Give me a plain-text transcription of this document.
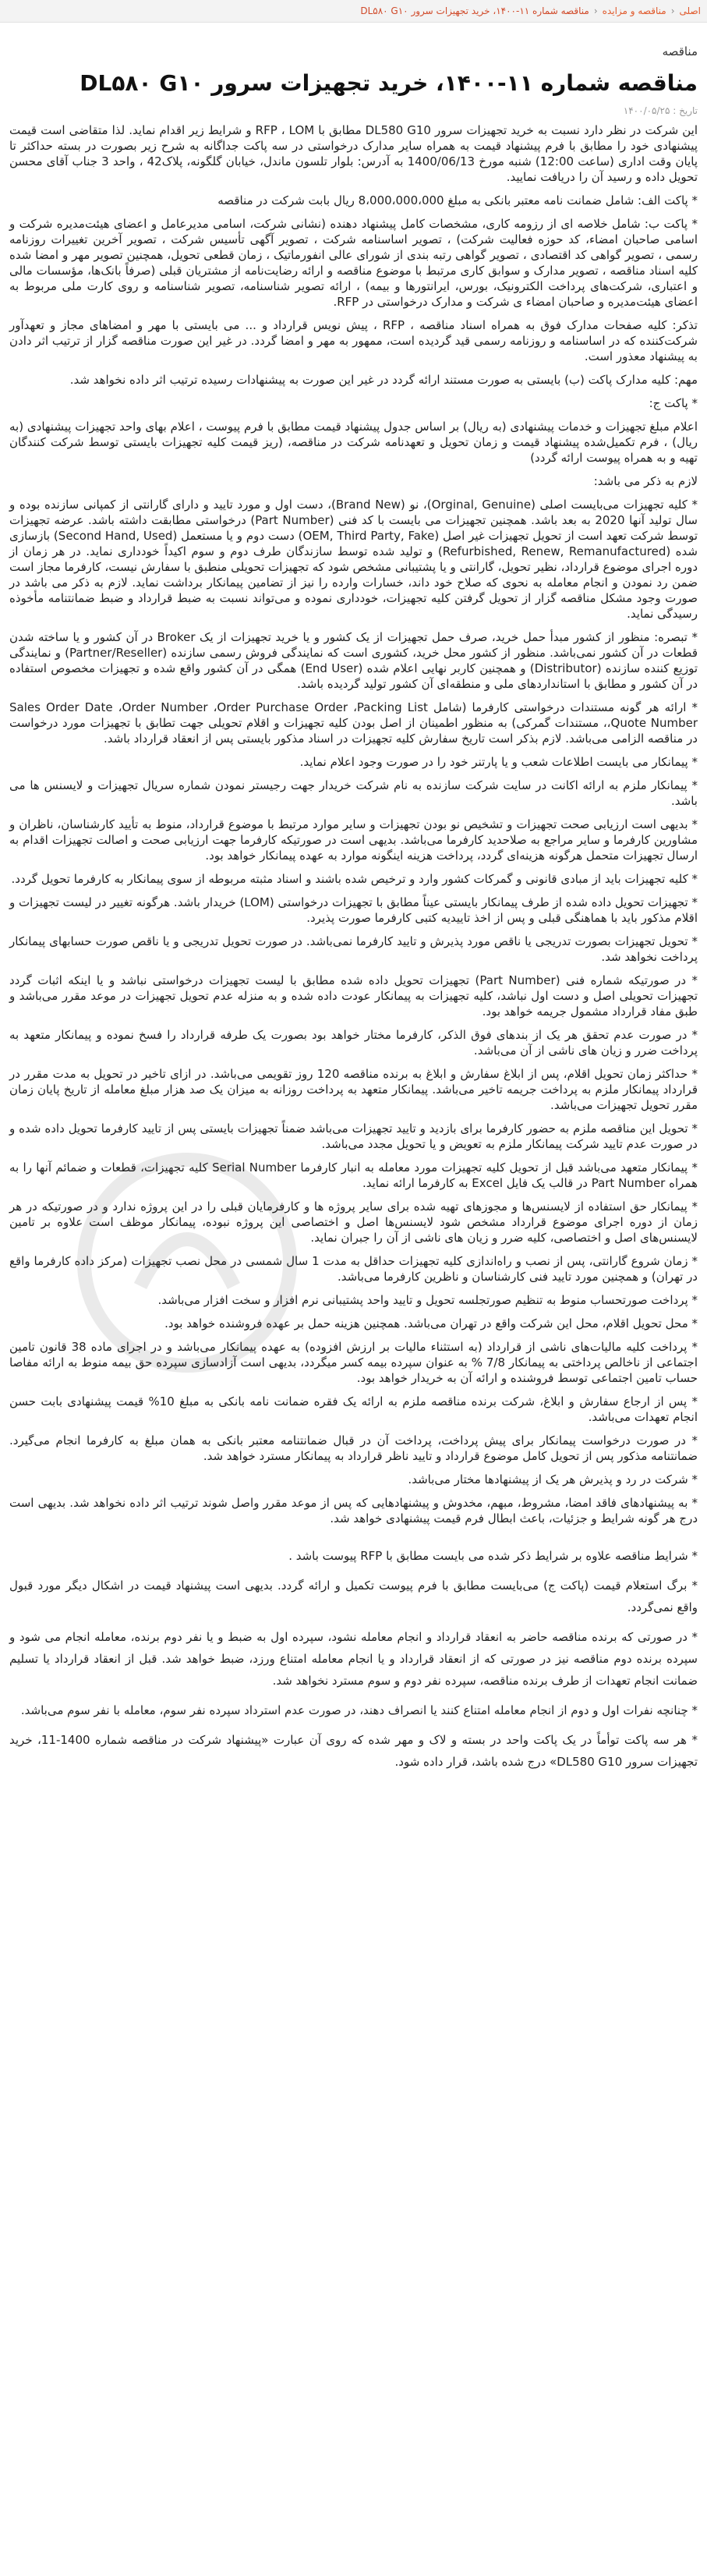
اصلی
‹
مناقصه و مزایده
‹
مناقصه شماره ۱۱-۱۴۰۰، خرید تجهیزات سرور DL۵۸۰ G۱۰
مناقصه
مناقصه شماره ۱۱-۱۴۰۰، خرید تجهیزات سرور DL۵۸۰ G۱۰
تاریخ : ۱۴۰۰/۰۵/۲۵

این شرکت در نظر دارد نسبت به خرید تجهیزات سرور DL580 G10 مطابق با RFP ، LOM و شرایط زیر اقدام نماید. لذا متقاضی است قیمت پیشنهادی خود را مطابق با فرم پیشنهاد قیمت به همراه سایر مدارک درخواستی در سه پاکت جداگانه به شرح زیر بصورت در بسته حداکثر تا پایان وقت اداری (ساعت 12:00) شنبه مورخ 1400/06/13 به آدرس: بلوار تلسون ماندل، خیابان گلگونه، پلاک42 ، واحد 3 جناب آقای محسن تحویل داده و رسید آن را دریافت نمایید.

* پاکت الف: شامل ضمانت نامه معتبر بانکی به مبلغ 8،000،000،000 ریال بابت شرکت در مناقصه

* پاکت ب: شامل خلاصه ای از رزومه کاری، مشخصات کامل پیشنهاد دهنده (نشانی شرکت، اسامی مدیرعامل و اعضای هیئت‌مدیره شرکت و اسامی صاحبان امضاء، کد حوزه فعالیت شرکت) ، تصویر اساسنامه شرکت ، تصویر آگهی تأسیس شرکت ، تصویر آخرین تغییرات روزنامه رسمی ، تصویر گواهی کد اقتصادی ، تصویر گواهی رتبه بندی از شورای عالی انفورماتیک ، زمان قطعی تحویل، همچنین تصویر مهر و امضا شده کلیه اسناد مناقصه ، تصویر مدارک و سوابق کاری مرتبط با موضوع مناقصه و ارائه رضایت‌نامه از مشتریان قبلی (صرفاً بانک‌ها، مؤسسات مالی و اعتباری، شرکت‌های پرداخت الکترونیک، بورس، ایرانتورها و بیمه) ، ارائه تصویر شناسنامه، تصویر شناسنامه و روی کارت ملی مربوط به اعضای هیئت‌مدیره و صاحبان امضاء ی شرکت و مدارک درخواستی در RFP.

تذکر: کلیه صفحات مدارک فوق به همراه اسناد مناقصه ، RFP ، پیش نویس قرارداد و ... می بایستی با مهر و امضاهای مجاز و تعهدآور شرکت‌کننده که در اساسنامه و روزنامه رسمی قید گردیده است، ممهور به مهر و امضا گردد. در غیر این صورت مناقصه گزار از ترتیب اثر دادن به پیشنهاد معذور است.

مهم: کلیه مدارک پاکت (ب) بایستی به صورت مستند ارائه گردد در غیر این صورت به پیشنهادات رسیده ترتیب اثر داده نخواهد شد.

* پاکت ج:

اعلام مبلغ تجهیزات و خدمات پیشنهادی (به ریال) بر اساس جدول پیشنهاد قیمت مطابق با فرم پیوست ، اعلام بهای واحد تجهیزات پیشنهادی (به ریال) ، فرم تکمیل‌شده پیشنهاد قیمت و زمان تحویل و تعهدنامه شرکت در مناقصه، (ریز قیمت کلیه تجهیزات بایستی توسط شرکت کنندگان تهیه و به همراه پیوست ارائه گردد)

لازم به ذکر می باشد:

* کلیه تجهیزات می‌بایست اصلی (Orginal, Genuine)، نو (Brand New)، دست اول و مورد تایید و دارای گارانتی از کمپانی سازنده بوده و سال تولید آنها 2020 به بعد باشد. همچنین تجهیزات می بایست با کد فنی (Part Number) درخواستی مطابقت داشته باشد. عرضه تجهیزات توسط شرکت تعهد است از تحویل تجهیزات غیر اصل (OEM, Third Party, Fake) دست دوم و یا مستعمل (Second Hand, Used) بازسازی شده (Refurbished, Renew, Remanufactured) و تولید شده توسط سازندگان طرف دوم و سوم اکیداً خودداری نماید. در هر زمان از دوره اجرای موضوع قرارداد، نظیر تحویل، گارانتی و یا پشتیبانی مشخص شود که تجهیزات تحویلی منطبق با سفارش نیست، کارفرما مجاز است ضمن رد نمودن و انجام معامله به نحوی که صلاح خود داند، خسارات وارده را نیز از تضامین پیمانکار برداشت نماید. لازم به ذکر می باشد در صورت وجود مشکل مناقصه گزار از تحویل گرفتن کلیه تجهیزات، خودداری نموده و می‌تواند نسبت به ضبط قرارداد و ضبط ضمانتنامه مأخوذه رسیدگی نماید.

* تبصره: منظور از کشور مبدأ حمل خرید، صرف حمل تجهیزات از یک کشور و یا خرید تجهیزات از یک Broker در آن کشور و یا ساخته شدن قطعات در آن کشور نمی‌باشد. منظور از کشور محل خرید، کشوری است که نمایندگی فروش رسمی سازنده (Partner/Reseller) و نمایندگی توزیع کننده سازنده (Distributor) و همچنین کاربر نهایی اعلام شده (End User) همگی در آن کشور واقع شده و تجهیزات مخصوص استفاده در آن کشور و مطابق با استانداردهای ملی و منطقه‌ای آن کشور تولید گردیده باشد.

* ارائه هر گونه مستندات درخواستی کارفرما (شامل Sales Order Date ،Order Number ،Order Purchase Order ،Packing List ،Quote Number، مستندات گمرکی) به منظور اطمینان از اصل بودن کلیه تجهیزات و اقلام تحویلی جهت تطابق با تجهیزات مورد درخواست در مناقصه الزامی می‌باشد. لازم بذکر است تاریخ سفارش کلیه تجهیزات در اسناد مذکور بایستی پس از انعقاد قرارداد باشد.

* پیمانکار می بایست اطلاعات شعب و یا پارتنر خود را در صورت وجود اعلام نماید.

* پیمانکار ملزم به ارائه اکانت در سایت شرکت سازنده به نام شرکت خریدار جهت رجیستر نمودن شماره سریال تجهیزات و لایسنس ها می باشد.

* بدیهی است ارزیابی صحت تجهیزات و تشخیص نو بودن تجهیزات و سایر موارد مرتبط با موضوع قرارداد، منوط به تأیید کارشناسان، ناظران و مشاورین کارفرما و سایر مراجع به صلاحدید کارفرما می‌باشد. بدیهی است در صورتیکه کارفرما جهت ارزیابی صحت و اصالت تجهیزات اقدام به ارسال تجهیزات متحمل هرگونه هزینه‌ای گردد، پرداخت هزینه اینگونه موارد به عهده پیمانکار خواهد بود.

* کلیه تجهیزات باید از مبادی قانونی و گمرکات کشور وارد و ترخیص شده باشند و اسناد مثبته مربوطه از سوی پیمانکار به کارفرما تحویل گردد.

* تجهیزات تحویل داده شده از طرف پیمانکار بایستی عیناً مطابق با تجهیزات درخواستی (LOM) خریدار باشد. هرگونه تغییر در لیست تجهیزات و اقلام مذکور باید با هماهنگی قبلی و پس از اخذ تاییدیه کتبی کارفرما صورت پذیرد.

* تحویل تجهیزات بصورت تدریجی یا ناقص مورد پذیرش و تایید کارفرما نمی‌باشد. در صورت تحویل تدریجی و یا ناقص صورت حسابهای پیمانکار پرداخت نخواهد شد.

* در صورتیکه شماره فنی (Part Number) تجهیزات تحویل داده شده مطابق با لیست تجهیزات درخواستی نباشد و یا اینکه اثبات گردد تجهیزات تحویلی اصل و دست اول نباشد، کلیه تجهیزات به پیمانکار عودت داده شده و به منزله عدم تحویل تجهیزات در موعد مقرر می‌باشد و طبق مفاد قرارداد مشمول جریمه خواهد بود.

* در صورت عدم تحقق هر یک از بندهای فوق الذکر، کارفرما مختار خواهد بود بصورت یک طرفه قرارداد را فسخ نموده و پیمانکار متعهد به پرداخت ضرر و زیان های ناشی از آن می‌باشد.

* حداکثر زمان تحویل اقلام، پس از ابلاغ سفارش و ابلاغ به برنده مناقصه 120 روز تقویمی می‌باشد. در ازای تاخیر در تحویل به مدت مقرر در قرارداد پیمانکار ملزم به پرداخت جریمه تاخیر می‌باشد. پیمانکار متعهد به پرداخت روزانه به میزان یک صد هزار مبلغ معامله از تاریخ پایان زمان مقرر تحویل تجهیزات می‌باشد.

* تحویل این مناقصه ملزم به حضور کارفرما برای بازدید و تایید تجهیزات می‌باشد ضمناً تجهیزات بایستی پس از تایید کارفرما تحویل داده شده و در صورت عدم تایید شرکت پیمانکار ملزم به تعویض و یا تحویل مجدد می‌باشد.

* پیمانکار متعهد می‌باشد قبل از تحویل کلیه تجهیزات مورد معامله به انبار کارفرما Serial Number کلیه تجهیزات، قطعات و ضمائم آنها را به همراه Part Number در قالب یک فایل Excel به کارفرما ارائه نماید.

* پیمانکار حق استفاده از لایسنس‌ها و مجوزهای تهیه شده برای سایر پروژه ها و کارفرمایان قبلی را در این پروژه ندارد و در صورتیکه در هر زمان از دوره اجرای موضوع قرارداد مشخص شود لایسنس‌ها اصل و اختصاصی این پروژه نبوده، پیمانکار موظف است علاوه بر تامین لایسنس‌های اصل و اختصاصی، کلیه ضرر و زیان های ناشی از آن را جبران نماید.

* زمان شروع گارانتی، پس از نصب و راه‌اندازی کلیه تجهیزات حداقل به مدت 1 سال شمسی در محل نصب تجهیزات (مرکز داده کارفرما واقع در تهران) و همچنین مورد تایید فنی کارشناسان و ناظرین کارفرما می‌باشد.

* پرداخت صورتحساب منوط به تنظیم صورتجلسه تحویل و تایید واحد پشتیبانی نرم افزار و سخت افزار می‌باشد.

* محل تحویل اقلام، محل این شرکت واقع در تهران می‌باشد. همچنین هزینه حمل بر عهده فروشنده خواهد بود.

* پرداخت کلیه مالیات‌های ناشی از قرارداد (به استثناء مالیات بر ارزش افزوده) به عهده پیمانکار می‌باشد و در اجرای ماده 38 قانون تامین اجتماعی از ناخالص پرداختی به پیمانکار 7/8 % به عنوان سپرده بیمه کسر میگردد، بدیهی است آزادسازی سپرده حق بیمه منوط به ارائه مفاصا حساب تامین اجتماعی توسط فروشنده و ارائه آن به خریدار خواهد بود.

* پس از ارجاع سفارش و ابلاغ، شرکت برنده مناقصه ملزم به ارائه یک فقره ضمانت نامه بانکی به مبلغ 10% قیمت پیشنهادی بابت حسن انجام تعهدات می‌باشد.

* در صورت درخواست پیمانکار برای پیش پرداخت، پرداخت آن در قبال ضمانتنامه معتبر بانکی به همان مبلغ به کارفرما انجام می‌گیرد. ضمانتنامه مذکور پس از تحویل کامل موضوع قرارداد و تایید ناظر قرارداد به پیمانکار مسترد خواهد شد.

* شرکت در رد و پذیرش هر یک از پیشنهادها مختار می‌باشد.

* به پیشنهادهای فاقد امضا، مشروط، مبهم، مخدوش و پیشنهادهایی که پس از موعد مقرر واصل شوند ترتیب اثر داده نخواهد شد. بدیهی است درج هر گونه شرایط و جزئیات، باعث ابطال فرم قیمت پیشنهادی خواهد شد.

* شرایط مناقصه علاوه بر شرایط ذکر شده می بایست مطابق با RFP پیوست باشد .

* برگ استعلام قیمت (پاکت ج) می‌بایست مطابق با فرم پیوست تکمیل و ارائه گردد. بدیهی است پیشنهاد قیمت در اشکال دیگر مورد قبول واقع نمی‌گردد.

* در صورتی که برنده مناقصه حاضر به انعقاد قرارداد و انجام معامله نشود، سپرده اول به ضبط و یا نفر دوم برنده، معامله انجام می شود و سپرده برنده دوم مناقصه نیز در صورتی که از انعقاد قرارداد و یا انجام معامله امتناع ورزد، ضبط خواهد شد. قبل از انعقاد قرارداد یا تسلیم ضمانت انجام تعهدات از طرف برنده مناقصه، سپرده نفر دوم و سوم مسترد نخواهد شد.

* چنانچه نفرات اول و دوم از انجام معامله امتناع کنند یا انصراف دهند، در صورت عدم استرداد سپرده نفر سوم، معامله با نفر سوم می‌باشد.

* هر سه پاکت توأماً در یک پاکت واحد در بسته و لاک و مهر شده که روی آن عبارت «پیشنهاد شرکت در مناقصه شماره 1400-11، خرید تجهیزات سرور DL580 G10» درج شده باشد، قرار داده شود.
